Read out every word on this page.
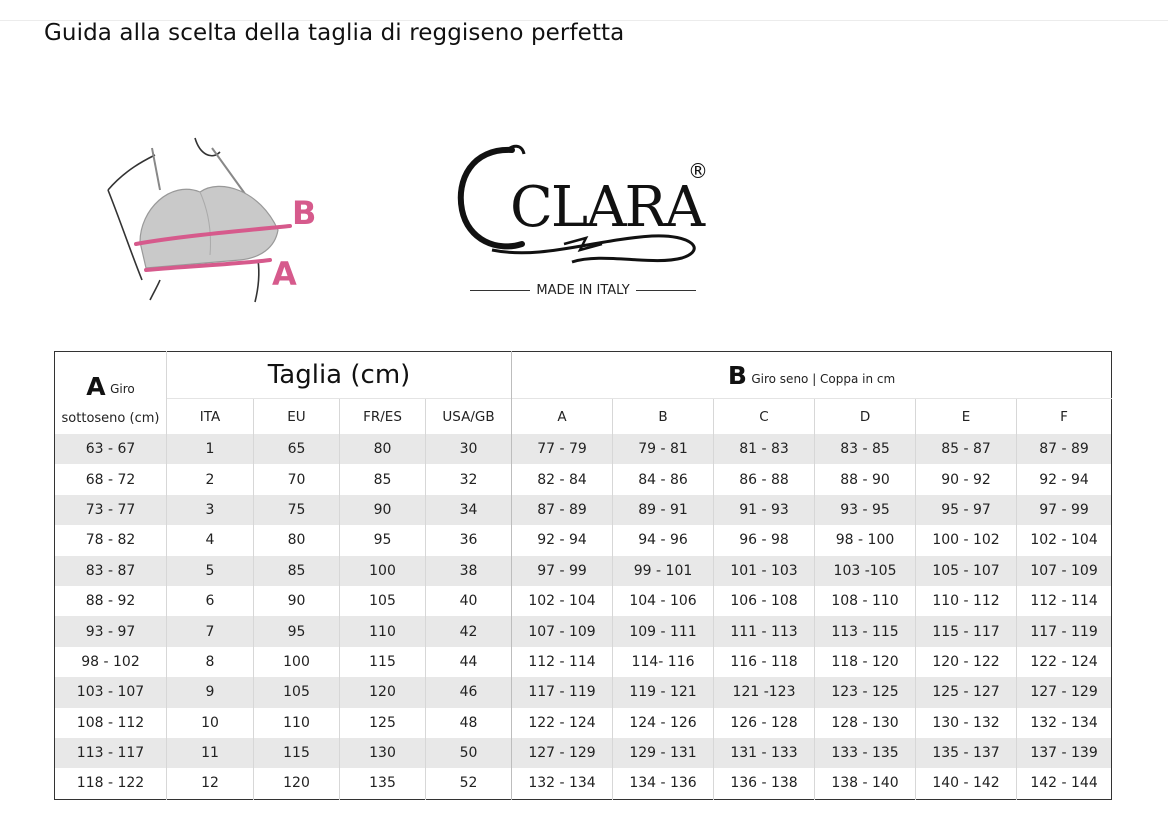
Guida alla scelta della taglia di reggiseno perfetta
B
A
CLARA
®
MADE IN ITALY
A Giro
sottoseno (cm)	Taglia (cm)				B Giro seno | Coppa in cm					
	ITA	EU	FR/ES	USA/GB	A	B	C	D	E	F
63 - 67	1	65	80	30	77 - 79	79 - 81	81 - 83	83 - 85	85 - 87	87 - 89
68 - 72	2	70	85	32	82 - 84	84 - 86	86 - 88	88 - 90	90 - 92	92 - 94
73 - 77	3	75	90	34	87 - 89	89 - 91	91 - 93	93 - 95	95 - 97	97 - 99
78 - 82	4	80	95	36	92 - 94	94 - 96	96 - 98	98 - 100	100 - 102	102 - 104
83 - 87	5	85	100	38	97 - 99	99 - 101	101 - 103	103 -105	105 - 107	107 - 109
88 - 92	6	90	105	40	102 - 104	104 - 106	106 - 108	108 - 110	110 - 112	112 - 114
93 - 97	7	95	110	42	107 - 109	109 - 111	111 - 113	113 - 115	115 - 117	117 - 119
98 - 102	8	100	115	44	112 - 114	114- 116	116 - 118	118 - 120	120 - 122	122 - 124
103 - 107	9	105	120	46	117 - 119	119 - 121	121 -123	123 - 125	125 - 127	127 - 129
108 - 112	10	110	125	48	122 - 124	124 - 126	126 - 128	128 - 130	130 - 132	132 - 134
113 - 117	11	115	130	50	127 - 129	129 - 131	131 - 133	133 - 135	135 - 137	137 - 139
118 - 122	12	120	135	52	132 - 134	134 - 136	136 - 138	138 - 140	140 - 142	142 - 144
